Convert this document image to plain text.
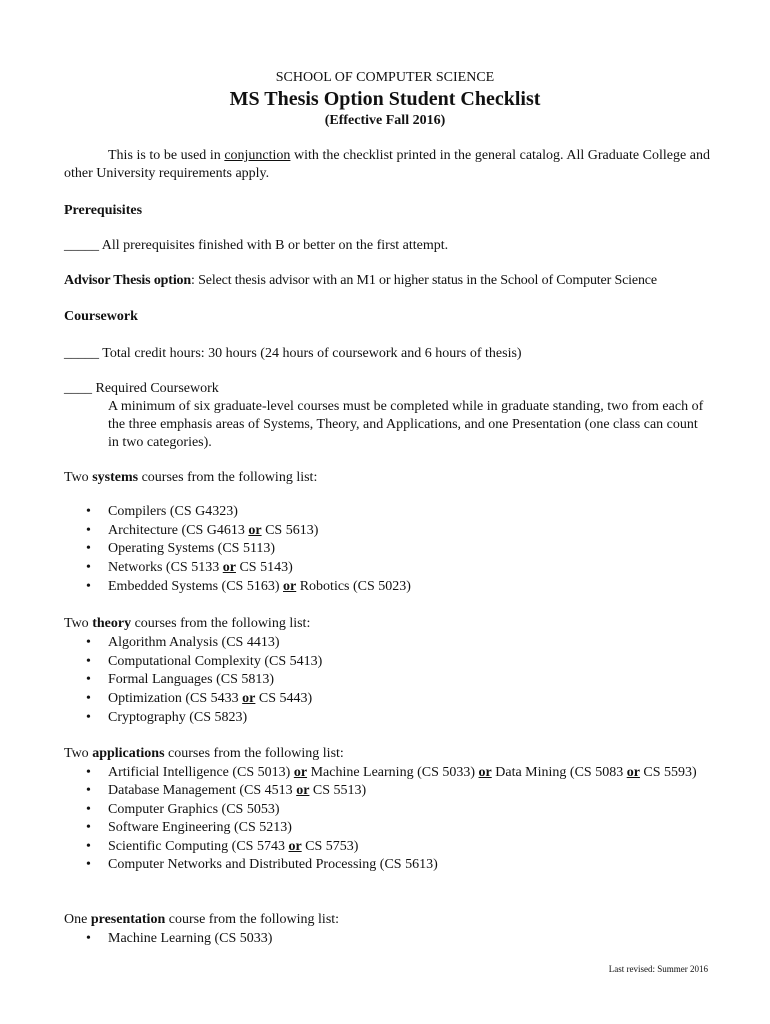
SCHOOL OF COMPUTER SCIENCE
MS Thesis Option Student Checklist
(Effective Fall 2016)
This is to be used in conjunction with the checklist printed in the general catalog. All Graduate College and other University requirements apply.
Prerequisites
_____ All prerequisites finished with B or better on the first attempt.
Advisor Thesis option: Select thesis advisor with an M1 or higher status in the School of Computer Science
Coursework
_____ Total credit hours: 30 hours (24 hours of coursework and 6 hours of thesis)
____ Required Coursework
A minimum of six graduate-level courses must be completed while in graduate standing, two from each of the three emphasis areas of Systems, Theory, and Applications, and one Presentation (one class can count in two categories).
Two systems courses from the following list:
• Compilers (CS G4323)
• Architecture (CS G4613 or CS 5613)
• Operating Systems (CS 5113)
• Networks (CS 5133 or CS 5143)
• Embedded Systems (CS 5163) or Robotics (CS 5023)
Two theory courses from the following list:
• Algorithm Analysis (CS 4413)
• Computational Complexity (CS 5413)
• Formal Languages (CS 5813)
• Optimization (CS 5433 or CS 5443)
• Cryptography (CS 5823)
Two applications courses from the following list:
• Artificial Intelligence (CS 5013) or Machine Learning (CS 5033) or Data Mining (CS 5083 or CS 5593)
• Database Management (CS 4513 or CS 5513)
• Computer Graphics (CS 5053)
• Software Engineering (CS 5213)
• Scientific Computing (CS 5743 or CS 5753)
• Computer Networks and Distributed Processing (CS 5613)
One presentation course from the following list:
• Machine Learning (CS 5033)
Last revised: Summer 2016
